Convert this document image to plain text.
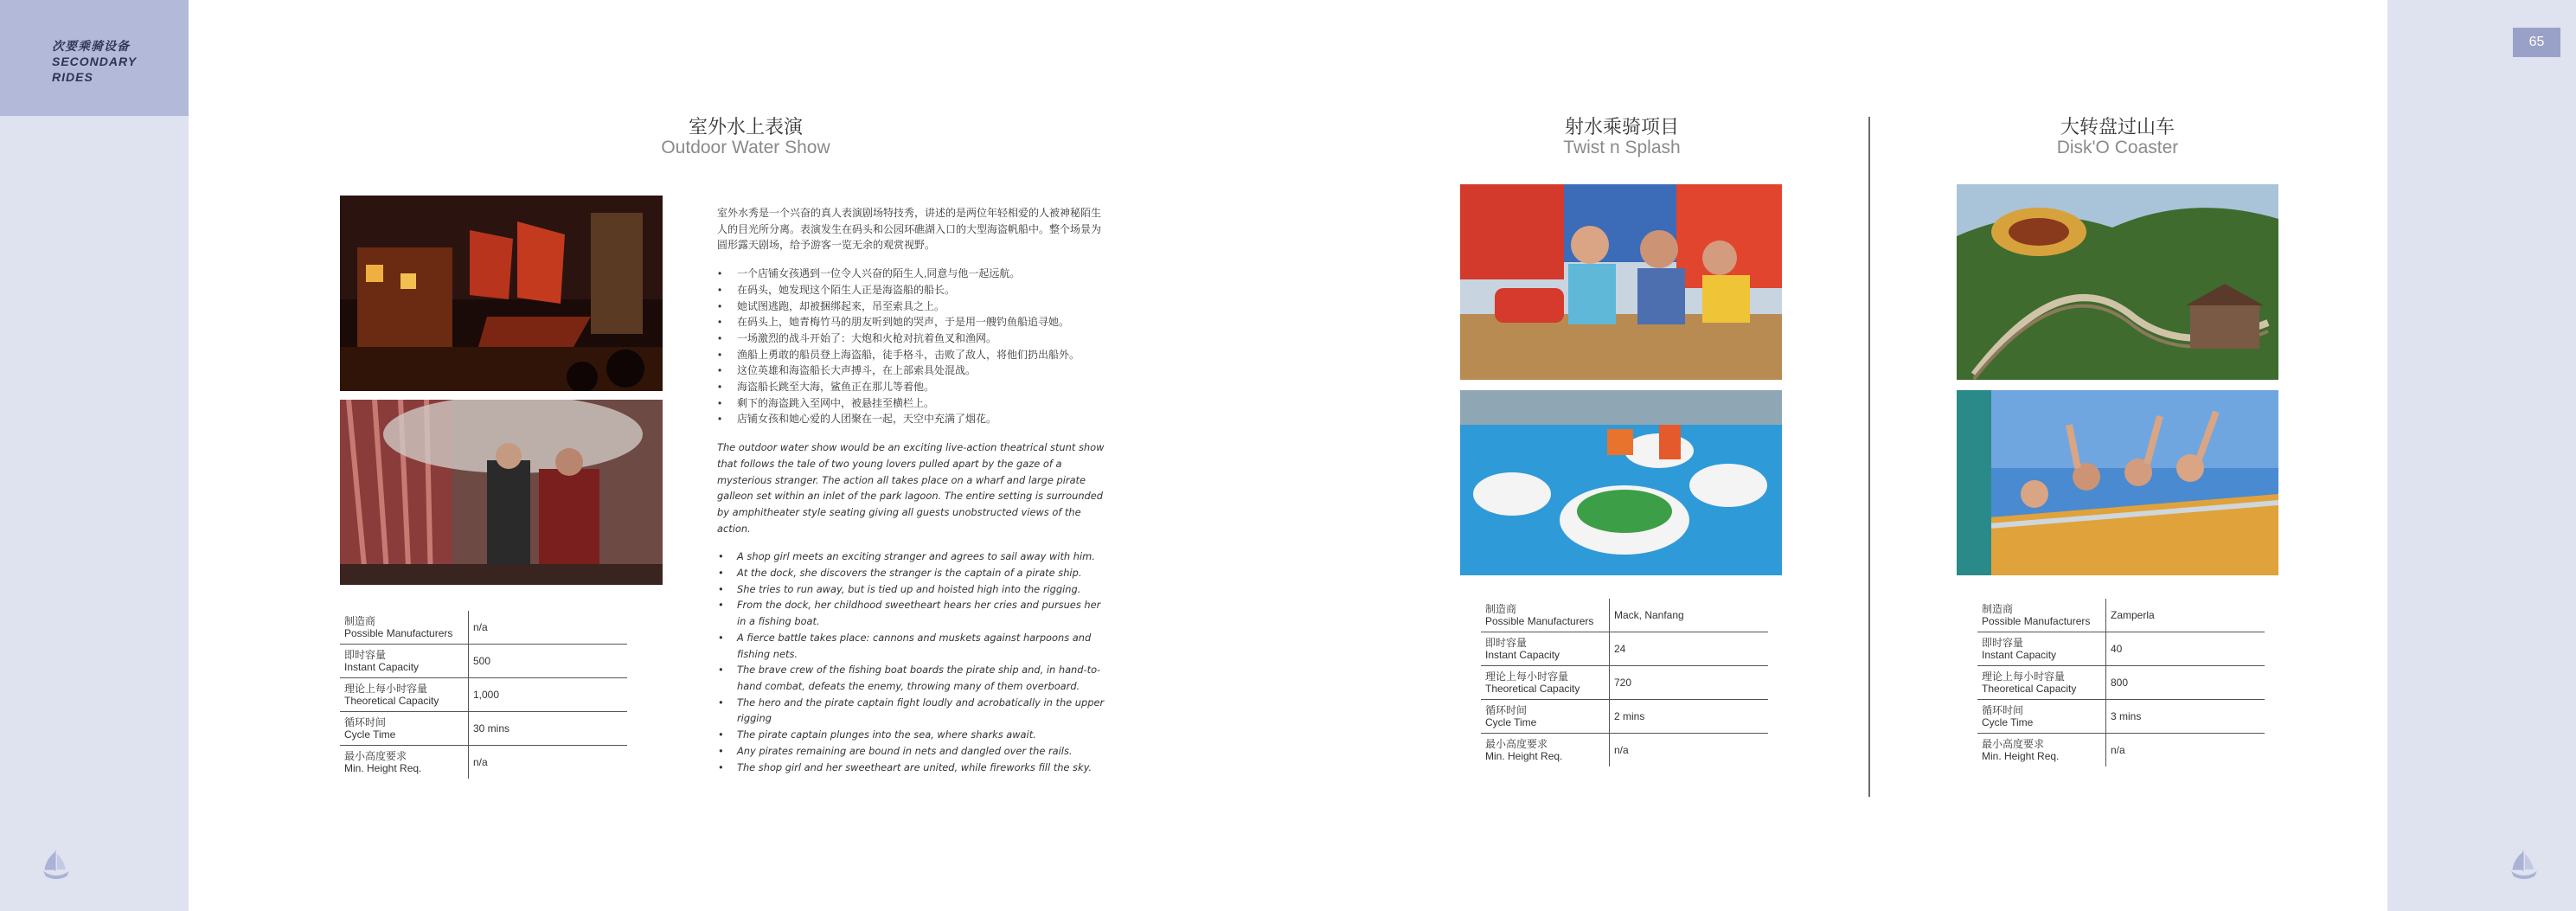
次要乘骑设备
SECONDARY
RIDES
65
室外水上表演
Outdoor Water Show
制造商
Possible Manufacturers	n/a

即时容量
Instant Capacity	500

理论上每小时容量
Theoretical Capacity	1,000

循环时间
Cycle Time	30 mins

最小高度要求
Min. Height Req.	n/a

室外水秀是一个兴奋的真人表演剧场特技秀，讲述的是两位年轻相爱的人被神秘陌生人的目光所分离。表演发生在码头和公园环礁湖入口的大型海盗帆船中。整个场景为圆形露天剧场，给予游客一览无余的观赏视野。

• 一个店铺女孩遇到一位令人兴奋的陌生人,同意与他一起远航。
• 在码头，她发现这个陌生人正是海盗船的船长。
• 她试图逃跑，却被捆绑起来，吊至索具之上。
• 在码头上，她青梅竹马的朋友听到她的哭声，于是用一艘钓鱼船追寻她。
• 一场激烈的战斗开始了：大炮和火枪对抗着鱼叉和渔网。
• 渔船上勇敢的船员登上海盗船，徒手格斗，击败了敌人，将他们扔出船外。
• 这位英雄和海盗船长大声搏斗，在上部索具处混战。
• 海盗船长跳至大海，鲨鱼正在那儿等着他。
• 剩下的海盗跳入至网中，被悬挂至横栏上。
• 店铺女孩和她心爱的人团聚在一起，天空中充满了烟花。

The outdoor water show would be an exciting live-action theatrical stunt show that follows the tale of two young lovers pulled apart by the gaze of a mysterious stranger. The action all takes place on a wharf and large pirate galleon set within an inlet of the park lagoon. The entire setting is surrounded by amphitheater style seating giving all guests unobstructed views of the action.

• A shop girl meets an exciting stranger and agrees to sail away with him.
• At the dock, she discovers the stranger is the captain of a pirate ship.
• She tries to run away, but is tied up and hoisted high into the rigging.
• From the dock, her childhood sweetheart hears her cries and pursues her in a fishing boat.
• A fierce battle takes place: cannons and muskets against harpoons and fishing nets.
• The brave crew of the fishing boat boards the pirate ship and, in hand-to-hand combat, defeats the enemy, throwing many of them overboard.
• The hero and the pirate captain fight loudly and acrobatically in the upper rigging
• The pirate captain plunges into the sea, where sharks await.
• Any pirates remaining are bound in nets and dangled over the rails.
• The shop girl and her sweetheart are united, while fireworks fill the sky.
射水乘骑项目
Twist n Splash
制造商
Possible Manufacturers	Mack, Nanfang

即时容量
Instant Capacity	24

理论上每小时容量
Theoretical Capacity	720

循环时间
Cycle Time	2 mins

最小高度要求
Min. Height Req.	n/a
大转盘过山车
Disk'O Coaster
制造商
Possible Manufacturers	Zamperla

即时容量
Instant Capacity	40

理论上每小时容量
Theoretical Capacity	800

循环时间
Cycle Time	3 mins

最小高度要求
Min. Height Req.	n/a
